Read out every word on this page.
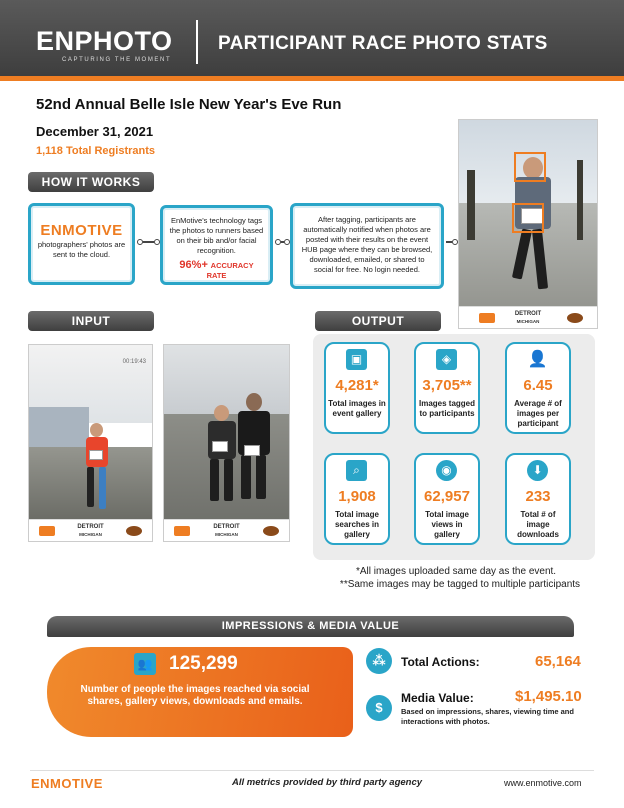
ENPHOTO
CAPTURING THE MOMENT
PARTICIPANT RACE PHOTO STATS
52nd Annual Belle Isle New Year's Eve Run
December 31, 2021
1,118 Total Registrants
HOW IT WORKS
ENMOTIVE
photographers' photos are sent to the cloud.
EnMotive's technology tags the photos to runners based on their bib and/or facial recognition.
96%+ ACCURACY RATE
After tagging, participants are automatically notified when photos are posted with their results on the event HUB page where they can be browsed, downloaded, emailed, or shared to social for free. No login needed.
DETROIT
MICHIGAN
INPUT
00:19:43
DETROIT
MICHIGAN
DETROIT
MICHIGAN
OUTPUT
▣
4,281*
Total images in event gallery
◈
3,705**
Images tagged to participants
👤
6.45
Average # of images per participant
⌕
1,908
Total image searches in gallery
◉
62,957
Total image views in gallery
⬇
233
Total # of image downloads
*All images uploaded same day as the event.
**Same images may be tagged to multiple participants
IMPRESSIONS & MEDIA VALUE
👥 125,299
Number of people the images reached via social shares, gallery views, downloads and emails.
⁂	Total Actions:	65,164
$
Media Value:	$1,495.10
Based on impressions, shares, viewing time and interactions with photos.
ENMOTIVE	All metrics provided by third party agency	www.enmotive.com
